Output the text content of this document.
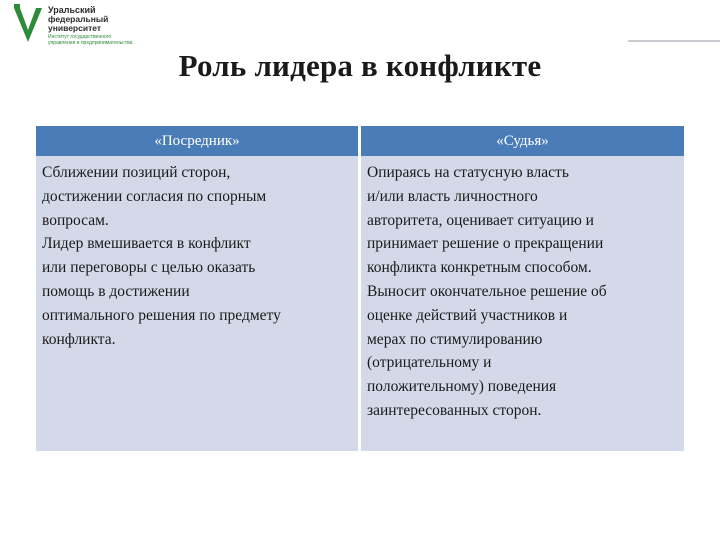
Уральский
федеральный
университет
Институт государственного
управления и предпринимательства
Роль лидера в конфликте
«Посредник»	«Судья»
Сближении позиций сторон,
достижении согласия по спорным
вопросам.
Лидер вмешивается в конфликт
или переговоры с целью оказать
помощь в достижении
оптимального решения по предмету
конфликта.
Опираясь на статусную власть
и/или власть личностного
авторитета, оценивает ситуацию и
принимает решение о прекращении
конфликта конкретным способом.
Выносит окончательное решение об
оценке действий участников и
мерах по стимулированию
(отрицательному и
положительному) поведения
заинтересованных сторон.
